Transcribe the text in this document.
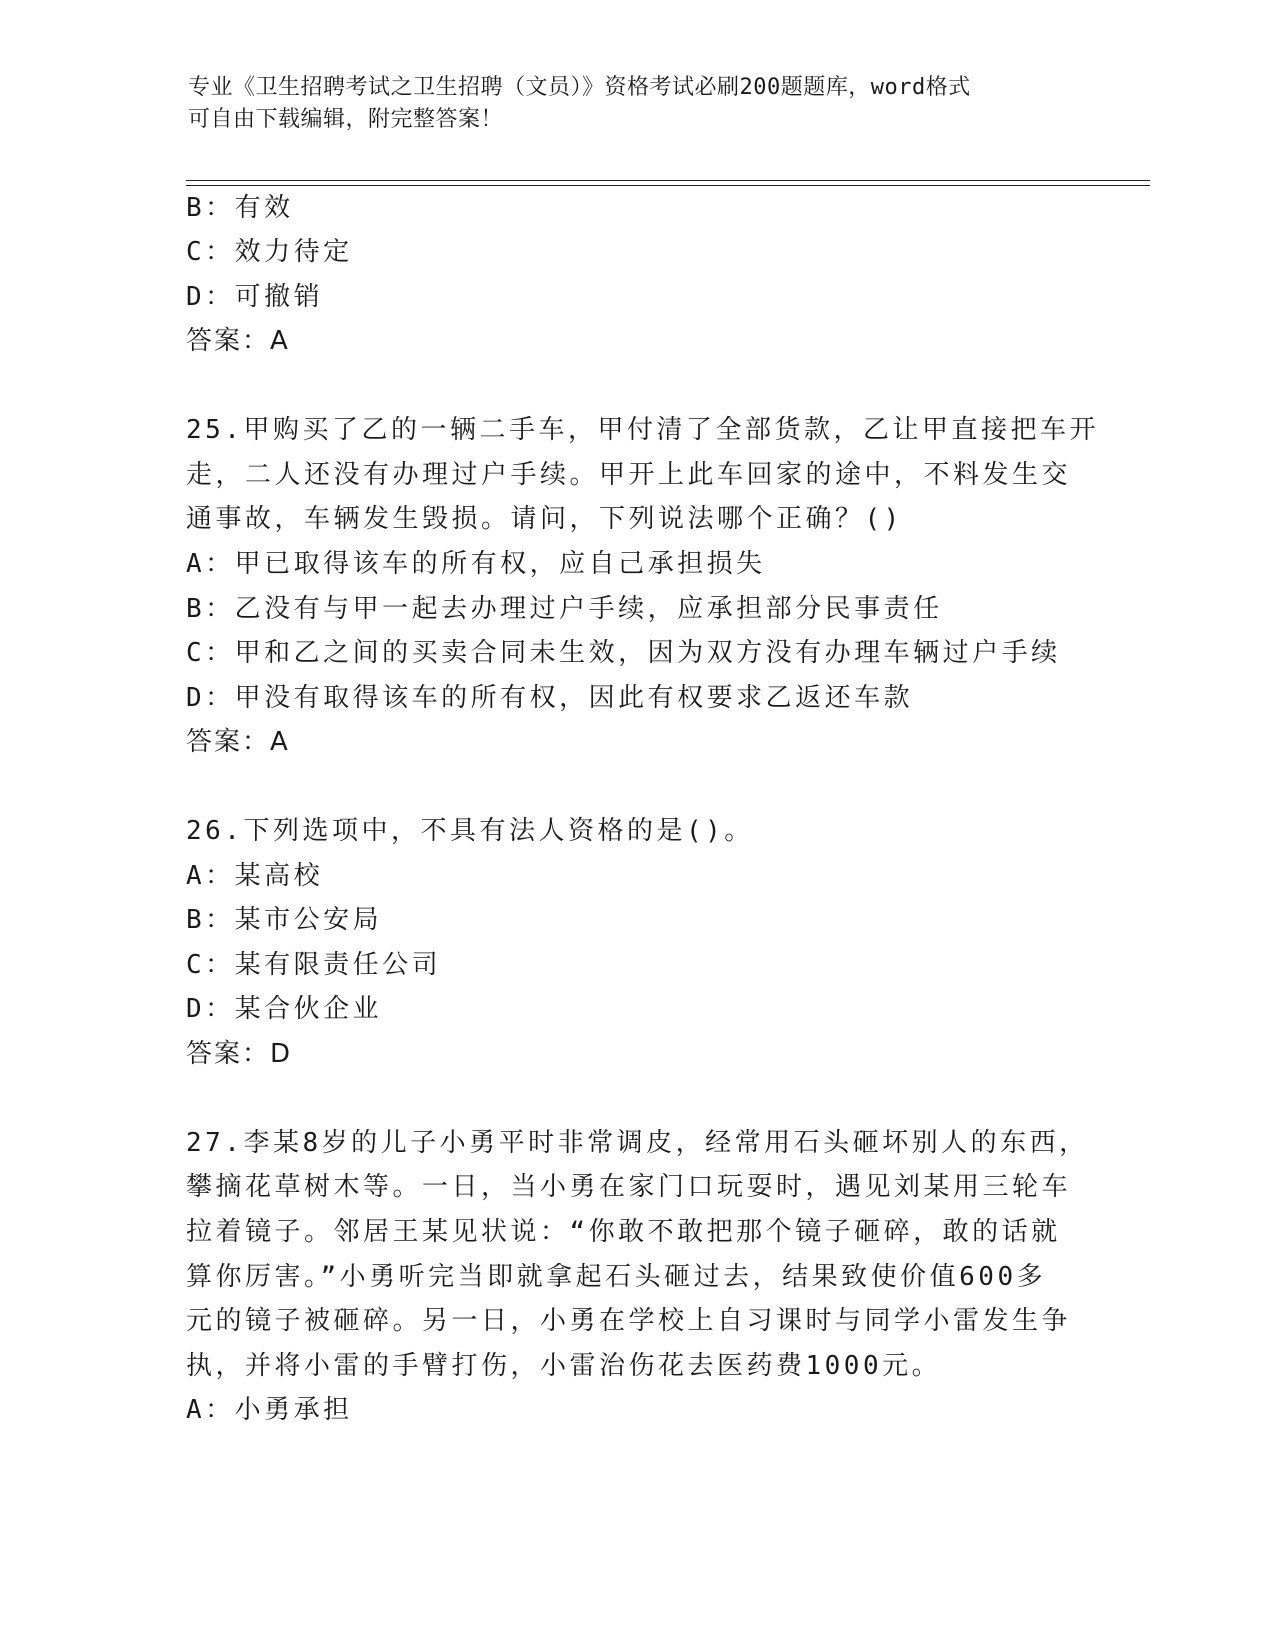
专业《卫生招聘考试之卫生招聘（文员）》资格考试必刷200题题库，word格式
可自由下载编辑，附完整答案！
B：有效
C：效力待定
D：可撤销
答案：A
25.甲购买了乙的一辆二手车，甲付清了全部货款，乙让甲直接把车开
走，二人还没有办理过户手续。甲开上此车回家的途中，不料发生交
通事故，车辆发生毁损。请问，下列说法哪个正确？()
A：甲已取得该车的所有权，应自己承担损失
B：乙没有与甲一起去办理过户手续，应承担部分民事责任
C：甲和乙之间的买卖合同未生效，因为双方没有办理车辆过户手续
D：甲没有取得该车的所有权，因此有权要求乙返还车款
答案：A
26.下列选项中，不具有法人资格的是()。
A：某高校
B：某市公安局
C：某有限责任公司
D：某合伙企业
答案：D
27.李某8岁的儿子小勇平时非常调皮，经常用石头砸坏别人的东西，
攀摘花草树木等。一日，当小勇在家门口玩耍时，遇见刘某用三轮车
拉着镜子。邻居王某见状说：“你敢不敢把那个镜子砸碎，敢的话就
算你厉害。”小勇听完当即就拿起石头砸过去，结果致使价值600多
元的镜子被砸碎。另一日，小勇在学校上自习课时与同学小雷发生争
执，并将小雷的手臂打伤，小雷治伤花去医药费1000元。
A：小勇承担
